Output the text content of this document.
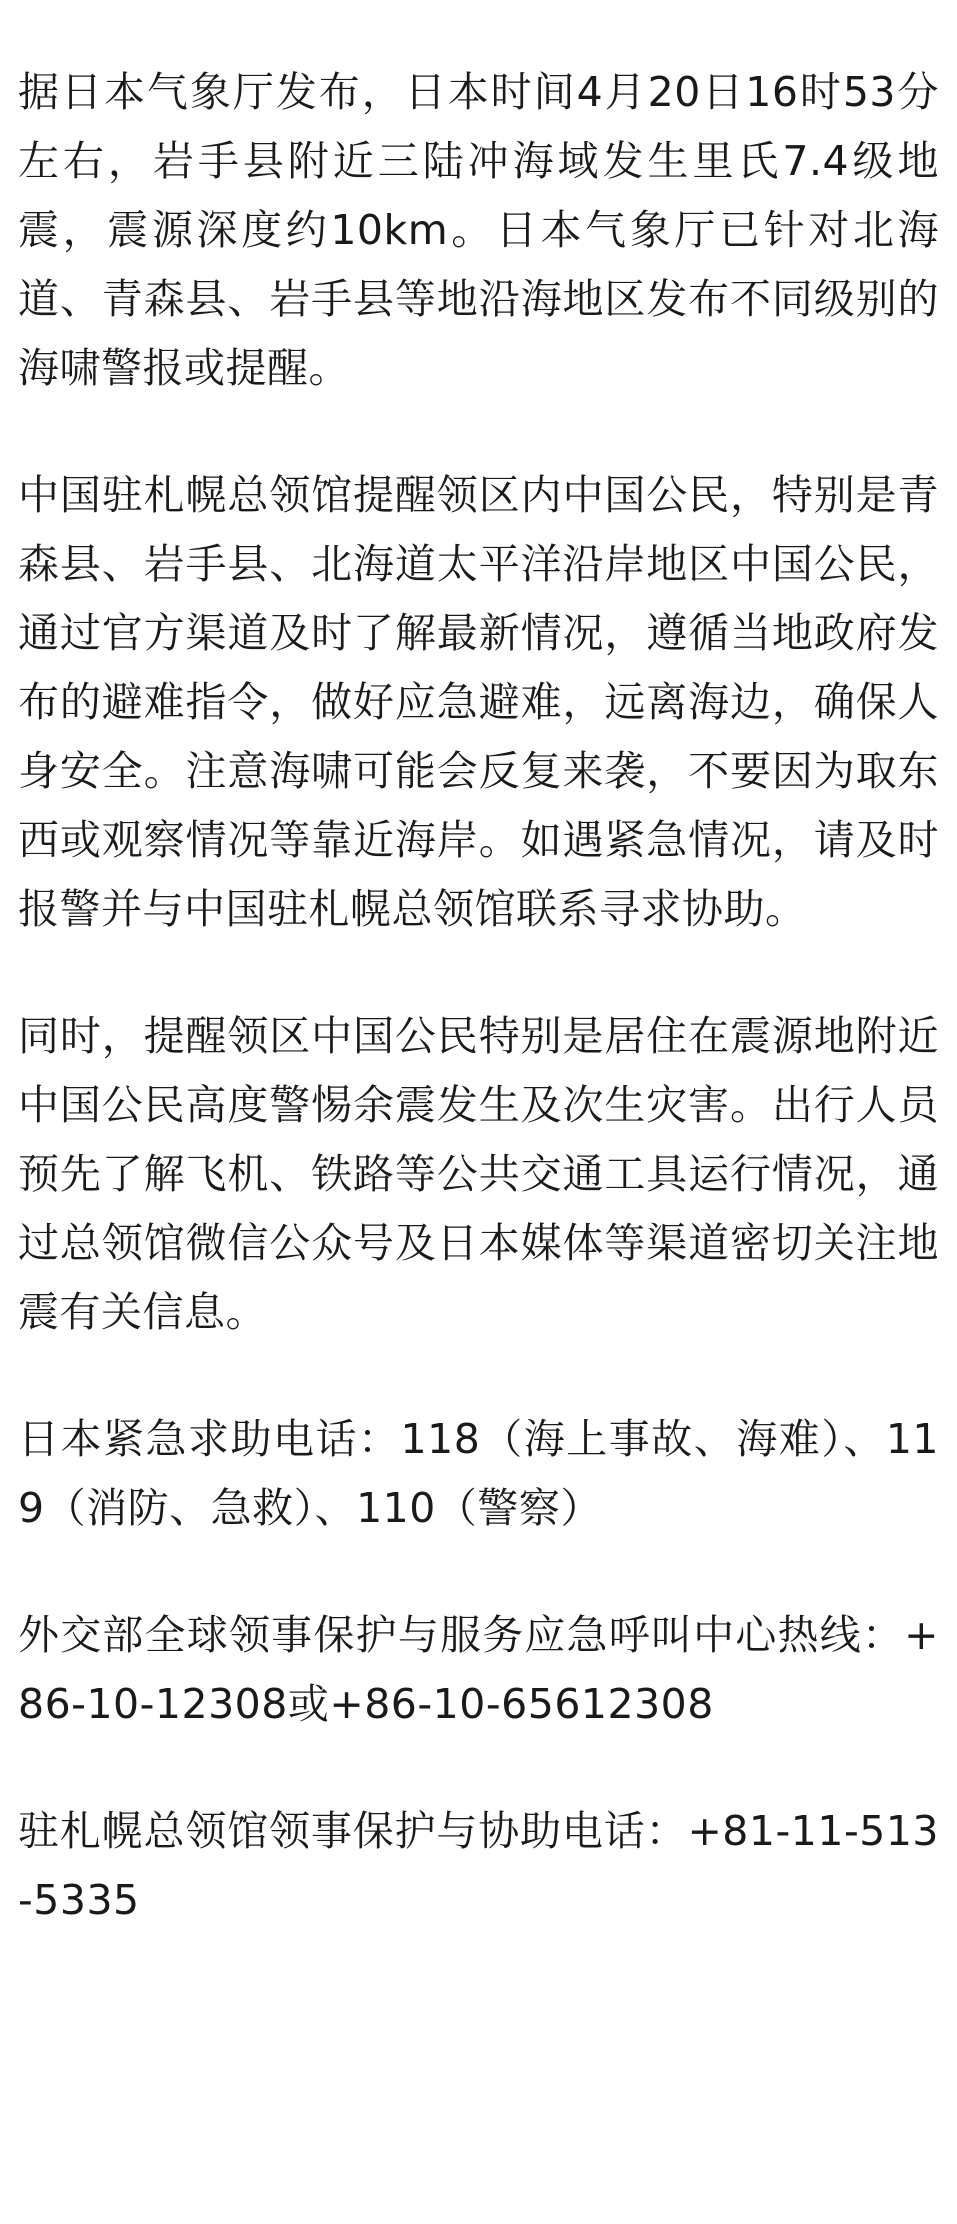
据日本气象厅发布，日本时间4月20日16时53分左右，岩手县附近三陆冲海域发生里氏7.4级地震，震源深度约10km。日本气象厅已针对北海道、青森县、岩手县等地沿海地区发布不同级别的海啸警报或提醒。

中国驻札幌总领馆提醒领区内中国公民，特别是青森县、岩手县、北海道太平洋沿岸地区中国公民，通过官方渠道及时了解最新情况，遵循当地政府发布的避难指令，做好应急避难，远离海边，确保人身安全。注意海啸可能会反复来袭，不要因为取东西或观察情况等靠近海岸。如遇紧急情况，请及时报警并与中国驻札幌总领馆联系寻求协助。

同时，提醒领区中国公民特别是居住在震源地附近中国公民高度警惕余震发生及次生灾害。出行人员预先了解飞机、铁路等公共交通工具运行情况，通过总领馆微信公众号及日本媒体等渠道密切关注地震有关信息。

日本紧急求助电话：118（海上事故、海难）、119（消防、急救）、110（警察）

外交部全球领事保护与服务应急呼叫中心热线：+86-10-12308或+86-10-65612308

驻札幌总领馆领事保护与协助电话：+81-11-513-5335
